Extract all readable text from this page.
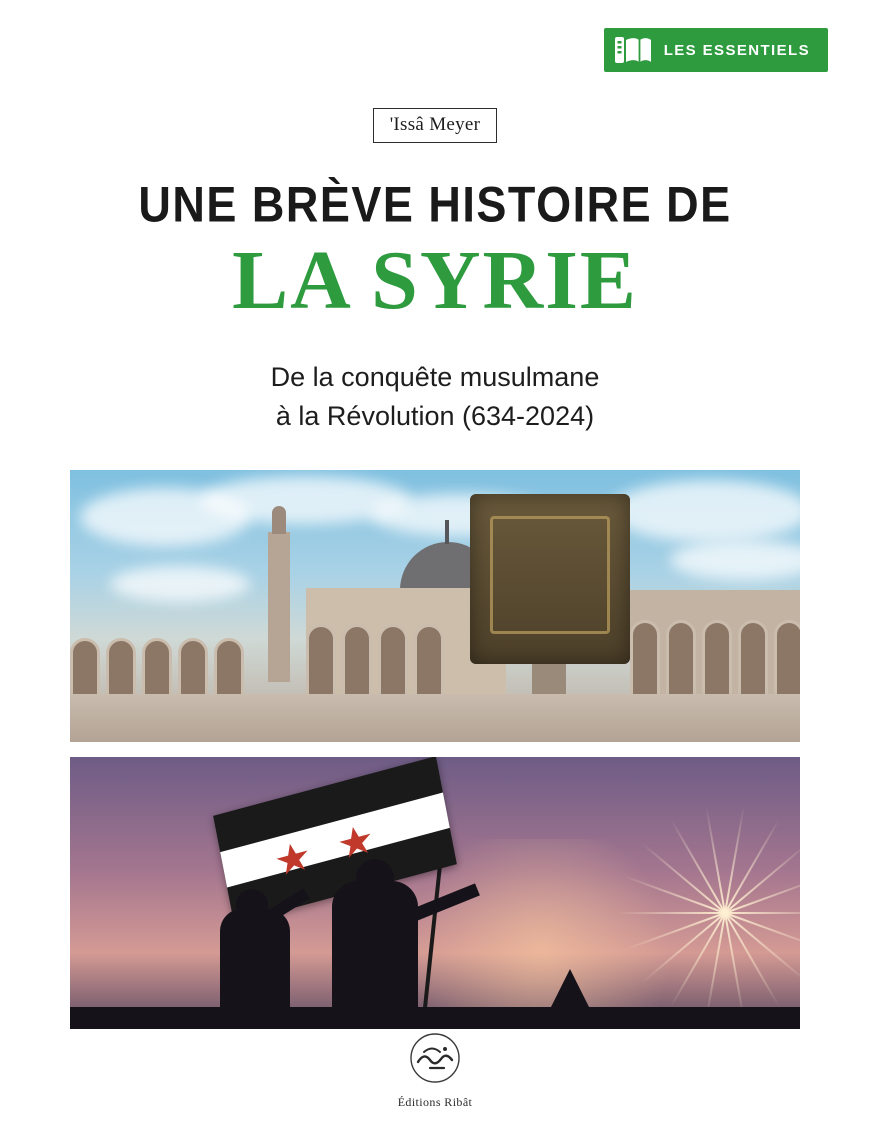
LES ESSENTIELS
'Issâ Meyer
UNE BRÈVE HISTOIRE DE
LA SYRIE
De la conquête musulmane
à la Révolution (634-2024)
Éditions Ribât
